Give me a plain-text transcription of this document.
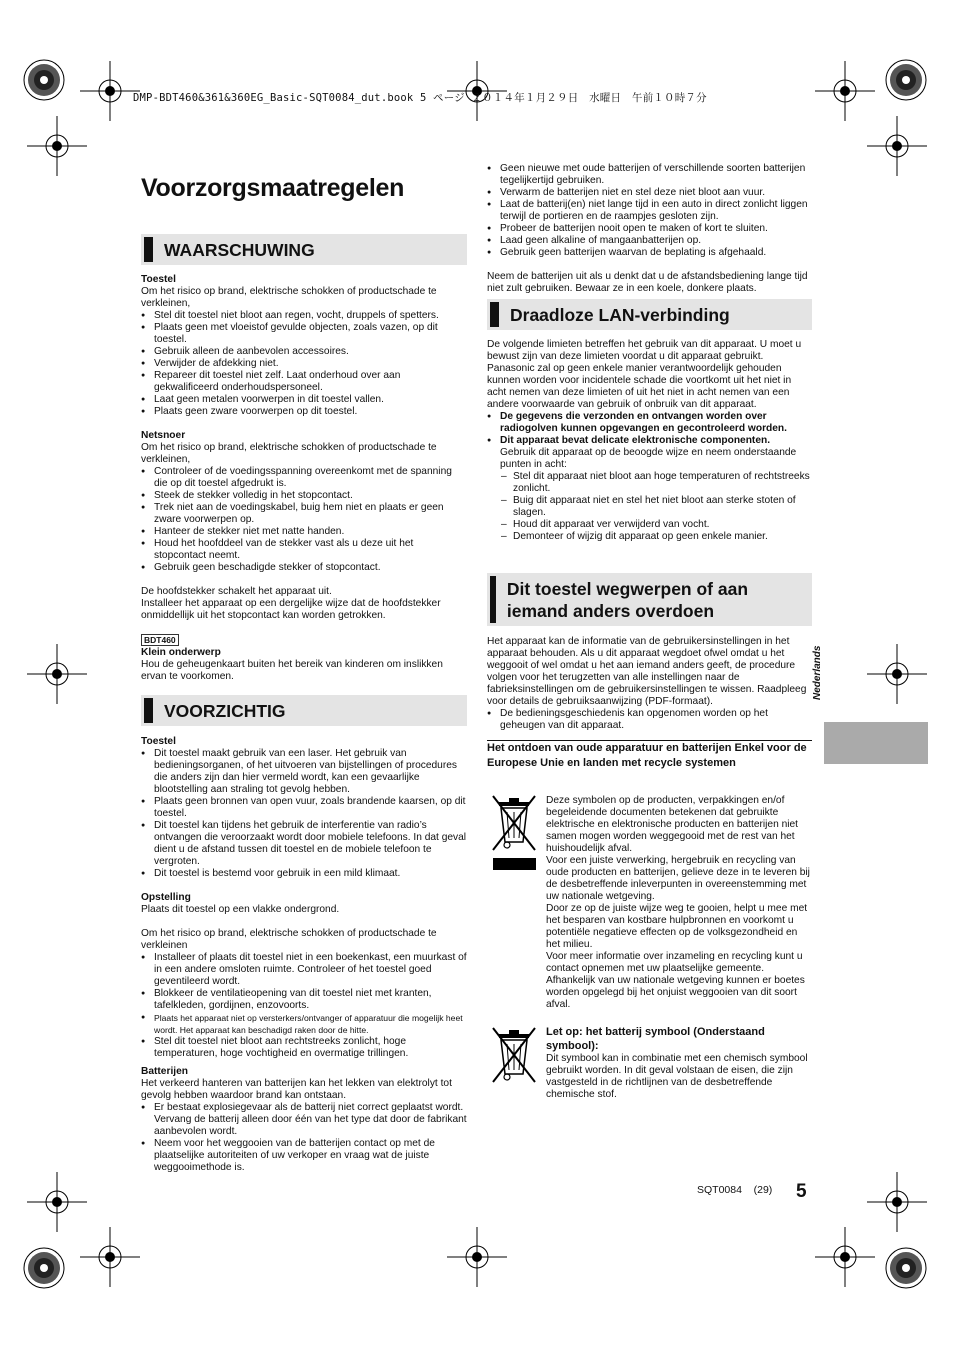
DMP-BDT460&361&360EG_Basic-SQT0084_dut.book 5 ページ ２０１４年１月２９日　水曜日　午前１０時７分
Voorzorgsmaatregelen
WAARSCHUWING

Toestel

Om het risico op brand, elektrische schokken of productschade te verkleinen,

● Stel dit toestel niet bloot aan regen, vocht, druppels of spetters.
● Plaats geen met vloeistof gevulde objecten, zoals vazen, op dit toestel.
● Gebruik alleen de aanbevolen accessoires.
● Verwijder de afdekking niet.
● Repareer dit toestel niet zelf. Laat onderhoud over aan gekwalificeerd onderhoudspersoneel.
● Laat geen metalen voorwerpen in dit toestel vallen.
● Plaats geen zware voorwerpen op dit toestel.

Netsnoer

Om het risico op brand, elektrische schokken of productschade te verkleinen,

● Controleer of de voedingsspanning overeenkomt met de spanning die op dit toestel afgedrukt is.
● Steek de stekker volledig in het stopcontact.
● Trek niet aan de voedingskabel, buig hem niet en plaats er geen zware voorwerpen op.
● Hanteer de stekker niet met natte handen.
● Houd het hoofddeel van de stekker vast als u deze uit het stopcontact neemt.
● Gebruik geen beschadigde stekker of stopcontact.

De hoofdstekker schakelt het apparaat uit.
Installeer het apparaat op een dergelijke wijze dat de hoofdstekker onmiddellijk uit het stopcontact kan worden getrokken.

BDT460

Klein onderwerp

Hou de geheugenkaart buiten het bereik van kinderen om inslikken ervan te voorkomen.

VOORZICHTIG

Toestel

● Dit toestel maakt gebruik van een laser. Het gebruik van bedieningsorganen, of het uitvoeren van bijstellingen of procedures die anders zijn dan hier vermeld wordt, kan een gevaarlijke blootstelling aan straling tot gevolg hebben.
● Plaats geen bronnen van open vuur, zoals brandende kaarsen, op dit toestel.
● Dit toestel kan tijdens het gebruik de interferentie van radio’s ontvangen die veroorzaakt wordt door mobiele telefoons. In dat geval dient u de afstand tussen dit toestel en de mobiele telefoon te vergroten.
● Dit toestel is bestemd voor gebruik in een mild klimaat.

Opstelling

Plaats dit toestel op een vlakke ondergrond.

Om het risico op brand, elektrische schokken of productschade te verkleinen

● Installeer of plaats dit toestel niet in een boekenkast, een muurkast of in een andere omsloten ruimte. Controleer of het toestel goed geventileerd wordt.
● Blokkeer de ventilatieopening van dit toestel niet met kranten, tafelkleden, gordijnen, enzovoorts.
● Plaats het apparaat niet op versterkers/ontvanger of apparatuur die mogelijk heet wordt. Het apparaat kan beschadigd raken door de hitte.
● Stel dit toestel niet bloot aan rechtstreeks zonlicht, hoge temperaturen, hoge vochtigheid en overmatige trillingen.

Batterijen

Het verkeerd hanteren van batterijen kan het lekken van elektrolyt tot gevolg hebben waardoor brand kan ontstaan.

● Er bestaat explosiegevaar als de batterij niet correct geplaatst wordt. Vervang de batterij alleen door één van het type dat door de fabrikant aanbevolen wordt.
● Neem voor het weggooien van de batterijen contact op met de plaatselijke autoriteiten of uw verkoper en vraag wat de juiste weggooimethode is.
● Geen nieuwe met oude batterijen of verschillende soorten batterijen tegelijkertijd gebruiken.
● Verwarm de batterijen niet en stel deze niet bloot aan vuur.
● Laat de batterij(en) niet lange tijd in een auto in direct zonlicht liggen terwijl de portieren en de raampjes gesloten zijn.
● Probeer de batterijen nooit open te maken of kort te sluiten.
● Laad geen alkaline of mangaanbatterijen op.
● Gebruik geen batterijen waarvan de beplating is afgehaald.

Neem de batterijen uit als u denkt dat u de afstandsbediening lange tijd niet zult gebruiken. Bewaar ze in een koele, donkere plaats.

Draadloze LAN-verbinding

De volgende limieten betreffen het gebruik van dit apparaat. U moet u bewust zijn van deze limieten voordat u dit apparaat gebruikt.

Panasonic zal op geen enkele manier verantwoordelijk gehouden kunnen worden voor incidentele schade die voortkomt uit het niet in acht nemen van deze limieten of uit het niet in acht nemen van een andere voorwaarde van gebruik of onbruik van dit apparaat.

● De gegevens die verzonden en ontvangen worden over radiogolven kunnen opgevangen en gecontroleerd worden.
● Dit apparaat bevat delicate elektronische componenten.
Gebruik dit apparaat op de beoogde wijze en neem onderstaande punten in acht:
– Stel dit apparaat niet bloot aan hoge temperaturen of rechtstreeks zonlicht.
– Buig dit apparaat niet en stel het niet bloot aan sterke stoten of slagen.
– Houd dit apparaat ver verwijderd van vocht.
– Demonteer of wijzig dit apparaat op geen enkele manier.
Dit toestel wegwerpen of aan iemand anders overdoen

Het apparaat kan de informatie van de gebruikersinstellingen in het apparaat behouden. Als u dit apparaat wegdoet ofwel omdat u het weggooit of wel omdat u het aan iemand anders geeft, de procedure volgen voor het terugzetten van alle instellingen naar de fabrieksinstellingen om de gebruikersinstellingen te wissen. Raadpleeg voor details de gebruiksaanwijzing (PDF-formaat).

● De bedieningsgeschiedenis kan opgenomen worden op het geheugen van dit apparaat.

Het ontdoen van oude apparatuur en batterijen Enkel voor de Europese Unie en landen met recycle systemen

Deze symbolen op de producten, verpakkingen en/of begeleidende documenten betekenen dat gebruikte elektrische en elektronische producten en batterijen niet samen mogen worden weggegooid met de rest van het huishoudelijk afval.

Voor een juiste verwerking, hergebruik en recycling van oude producten en batterijen, gelieve deze in te leveren bij de desbetreffende inleverpunten in overeenstemming met uw nationale wetgeving.

Door ze op de juiste wijze weg te gooien, helpt u mee met het besparen van kostbare hulpbronnen en voorkomt u potentiële negatieve effecten op de volksgezondheid en het milieu.

Voor meer informatie over inzameling en recycling kunt u contact opnemen met uw plaatselijke gemeente.

Afhankelijk van uw nationale wetgeving kunnen er boetes worden opgelegd bij het onjuist weggooien van dit soort afval.

Let op: het batterij symbool (Onderstaand symbool):

Dit symbool kan in combinatie met een chemisch symbool gebruikt worden. In dit geval volstaan de eisen, die zijn vastgesteld in de richtlijnen van de desbetreffende chemische stof.

Nederlands
SQT0084 (29) 5
